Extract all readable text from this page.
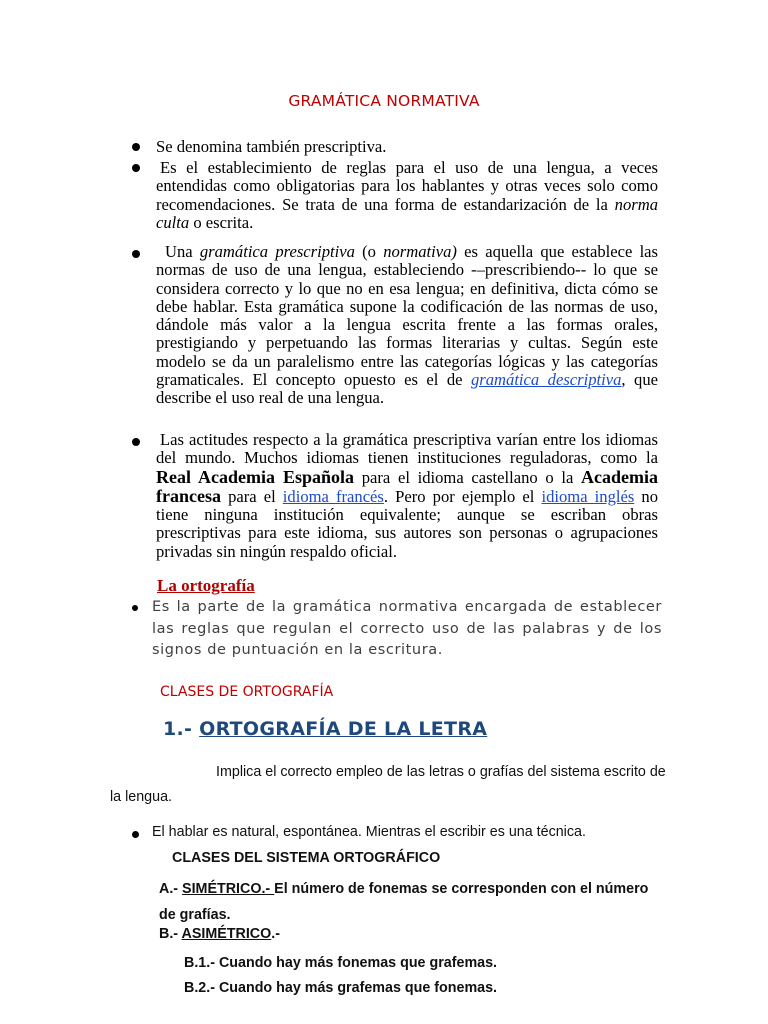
GRAMÁTICA NORMATIVA
Se denomina también prescriptiva.
Es el establecimiento de reglas para el uso de una lengua, a veces entendidas como obligatorias para los hablantes y otras veces solo como recomendaciones. Se trata de una forma de estandarización de la norma culta o escrita.
Una gramática prescriptiva (o normativa) es aquella que establece las normas de uso de una lengua, estableciendo -–prescribiendo-- lo que se considera correcto y lo que no en esa lengua; en definitiva, dicta cómo se debe hablar. Esta gramática supone la codificación de las normas de uso, dándole más valor a la lengua escrita frente a las formas orales, prestigiando y perpetuando las formas literarias y cultas. Según este modelo se da un paralelismo entre las categorías lógicas y las categorías gramaticales. El concepto opuesto es el de gramática descriptiva, que describe el uso real de una lengua.
Las actitudes respecto a la gramática prescriptiva varían entre los idiomas del mundo. Muchos idiomas tienen instituciones reguladoras, como la Real Academia Española para el idioma castellano o la Academia francesa para el idioma francés. Pero por ejemplo el idioma inglés no tiene ninguna institución equivalente; aunque se escriban obras prescriptivas para este idioma, sus autores son personas o agrupaciones privadas sin ningún respaldo oficial.
La ortografía
Es la parte de la gramática normativa encargada de establecer las reglas que regulan el correcto uso de las palabras y de los signos de puntuación en la escritura.
CLASES DE ORTOGRAFÍA
1.- ORTOGRAFÍA DE LA LETRA
Implica el correcto empleo de las letras o grafías del sistema escrito de la lengua.
El hablar es natural, espontánea. Mientras el escribir es una técnica.
CLASES DEL SISTEMA ORTOGRÁFICO
A.- SIMÉTRICO.- El número de fonemas se corresponden con el número de grafías.
B.- ASIMÉTRICO.-
B.1.- Cuando hay más fonemas que grafemas.
B.2.- Cuando hay más grafemas que fonemas.
